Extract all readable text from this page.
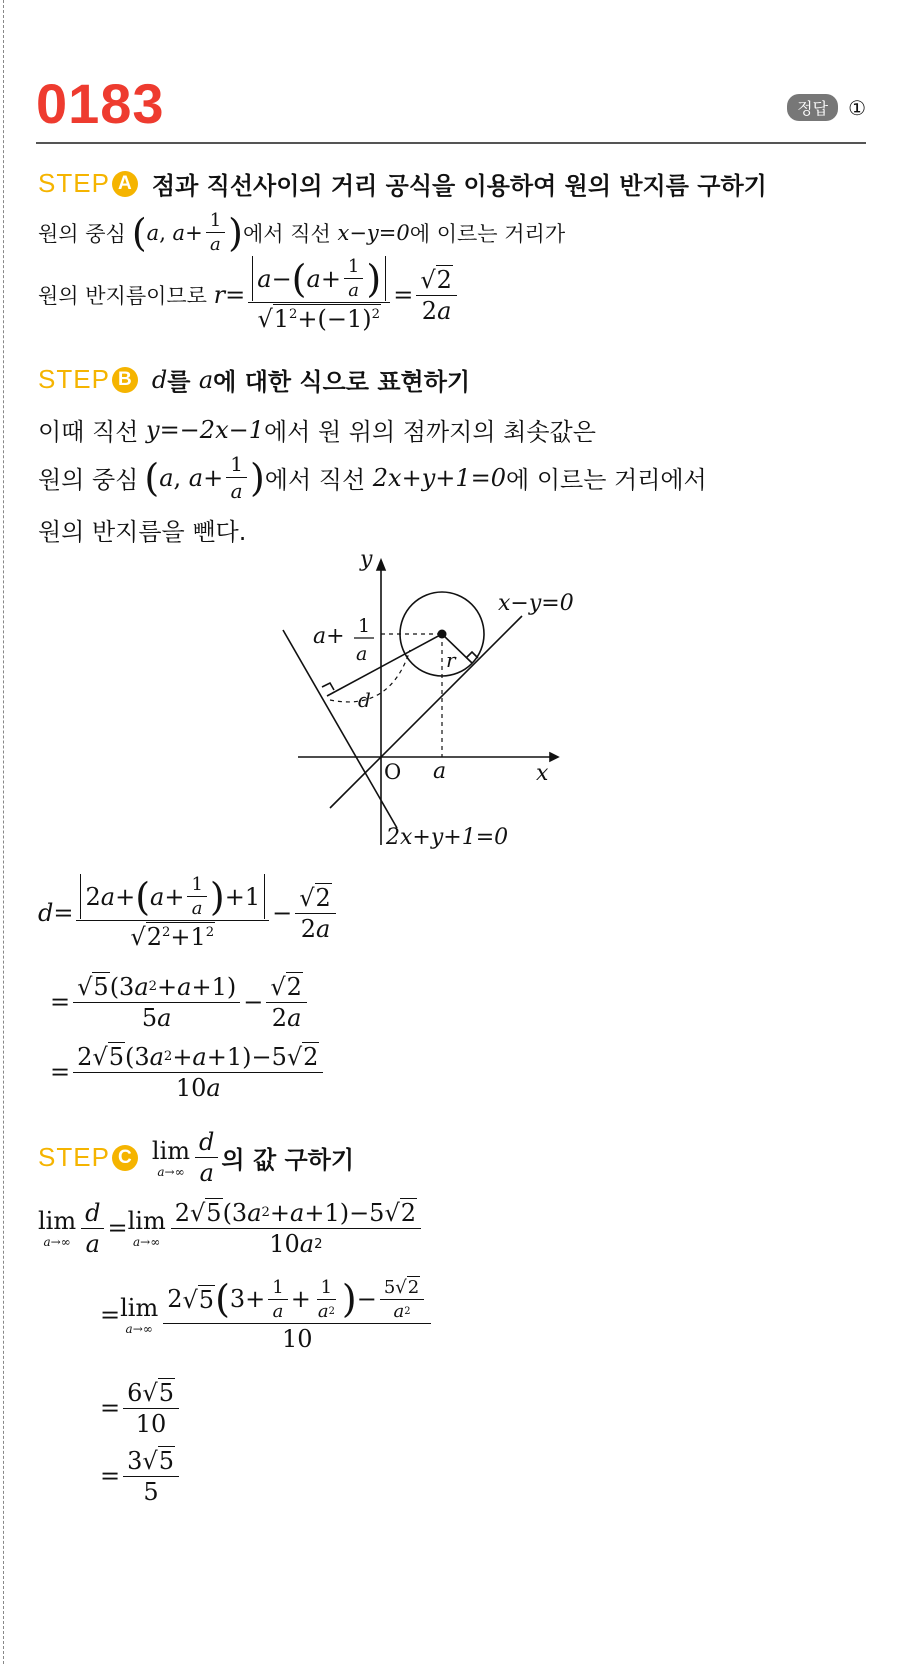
0183	정답	①
STEP A 점과 직선사이의 거리 공식을 이용하여 원의 반지름 구하기
원의 중심 ( a , $a + \frac{1}{a}$ ) 에서 직선
x−y=0 에 이르는 거리가
원의 반지름이므로
$r = \frac{a - ( a + \frac{1}{a} )}{√ 1^2+(-1)^2} = \frac{√ 2}{2 a}$
STEP B d 를
a 에 대한 식으로 표현하기
이때 직선
y=−2x−1 에서 원 위의 점까지의 최솟값은
원의 중심 ( a , $a + \frac{1}{a}$ ) 에서 직선
2x+y+1=0 에 이르는 거리에서
원의 반지름을 뺀다.
y
x
a
x−y=0
2x+y+1=0
r
d
a+ 1
a
O
$d = \frac{2 a + ( a + \frac{1}{a} ) +1}{√ 2^2+1^2} - \frac{√ 2}{2 a}$
= $\frac{√ 5 (3 a 2 + a +1)}{5 a} - \frac{√ 2}{2 a}$
= $\frac{2 √ 5 (3 a 2 + a +1)-5 √ 2}{10 a}$
STEP C lim
$a\to\infty \frac{d}{a}$ 의 값 구하기
lim
$a\to\infty \frac{d}{a} = \lim$
$a\to\infty \frac{2 √ 5 (3 a 2 + a +1)-5 √ 2}{10 a 2}$
= lim
$a\to\infty \frac{2 √ 5 ( 3+ \frac{1}{a} + \frac{1}{a 2} ) - \frac{5 √ 2}{a 2}}{10}$
= $\frac{6 √ 5}{10}$
= $\frac{3 √ 5}{5}$
